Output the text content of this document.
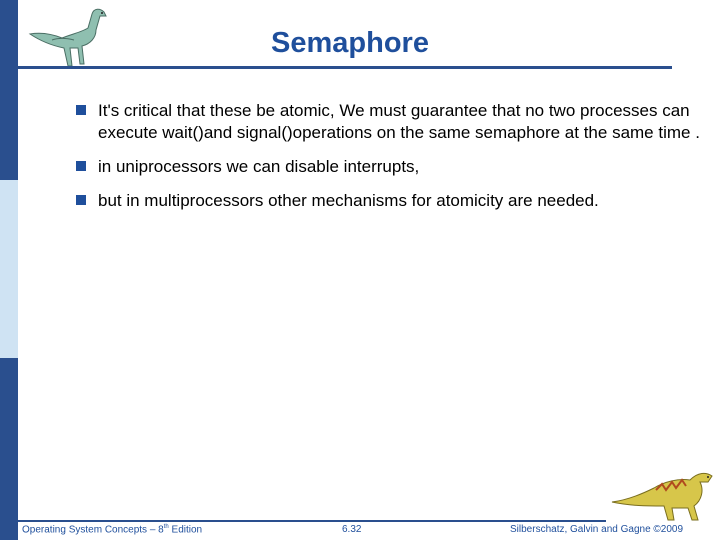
Semaphore
It's critical that these be atomic, We must guarantee that no two processes can execute wait()and signal()operations on the same semaphore at the same time .
in uniprocessors we can disable interrupts,
but in multiprocessors other mechanisms for atomicity are needed.
Operating System Concepts – 8th Edition	6.32	Silberschatz, Galvin and Gagne ©2009
